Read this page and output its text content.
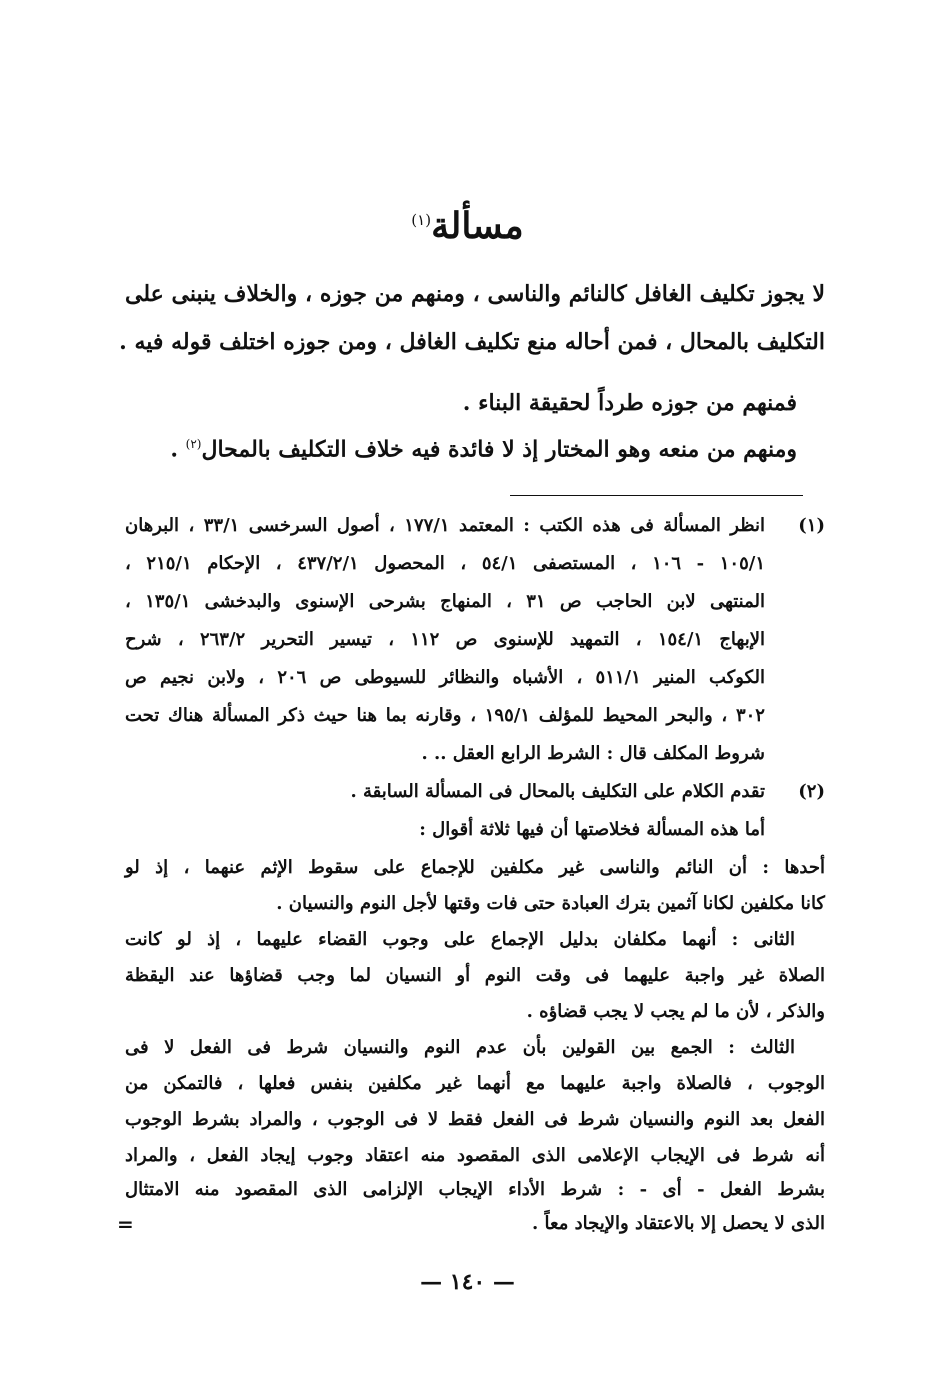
مسألة$^{(١)}$
لا يجوز تكليف الغافل كالنائم والناسى ، ومنهم من جوزه ، والخلاف ينبنى على
التكليف بالمحال ، فمن أحاله منع تكليف الغافل ، ومن جوزه اختلف قوله فيه .
فمنهم من جوزه طرداً لحقيقة البناء .
ومنهم من منعه وهو المختار إذ لا فائدة فيه خلاف التكليف بالمحال$^{(٢)}$ .
(١)
انظر المسألة فى هذه الكتب : المعتمد ١٧٧/١ ، أصول السرخسى ٣٣/١ ، البرهان
١٠٥/١ - ١٠٦ ، المستصفى ٥٤/١ ، المحصول ٤٣٧/٢/١ ، الإحكام ٢١٥/١ ،
المنتهى لابن الحاجب ص ٣١ ، المنهاج بشرحى الإسنوى والبدخشى ١٣٥/١ ،
الإبهاج ١٥٤/١ ، التمهيد للإسنوى ص ١١٢ ، تيسير التحرير ٢٦٣/٢ ، شرح
الكوكب المنير ٥١١/١ ، الأشباه والنظائر للسيوطى ص ٢٠٦ ، ولابن نجيم ص
٣٠٢ ، والبحر المحيط للمؤلف ١٩٥/١ ، وقارنه بما هنا حيث ذكر المسألة هناك تحت
شروط المكلف قال : الشرط الرابع العقل .. .
(٢)
تقدم الكلام على التكليف بالمحال فى المسألة السابقة .
أما هذه المسألة فخلاصتها أن فيها ثلاثة أقوال :
أحدها : أن النائم والناسى غير مكلفين للإجماع على سقوط الإثم عنهما ، إذ لو
كانا مكلفين لكانا آثمين بترك العبادة حتى فات وقتها لأجل النوم والنسيان .
الثانى : أنهما مكلفان بدليل الإجماع على وجوب القضاء عليهما ، إذ لو كانت
الصلاة غير واجبة عليهما فى وقت النوم أو النسيان لما وجب قضاؤها عند اليقظة
والذكر ، لأن ما لم يجب لا يجب قضاؤه .
الثالث : الجمع بين القولين بأن عدم النوم والنسيان شرط فى الفعل لا فى
الوجوب ، فالصلاة واجبة عليهما مع أنهما غير مكلفين بنفس فعلها ، فالتمكن من
الفعل بعد النوم والنسيان شرط فى الفعل فقط لا فى الوجوب ، والمراد بشرط الوجوب
أنه شرط فى الإيجاب الإعلامى الذى المقصود منه اعتقاد وجوب إيجاد الفعل ، والمراد
بشرط الفعل - أى - : شرط الأداء الإيجاب الإلزامى الذى المقصود منه الامتثال
الذى لا يحصل إلا بالاعتقاد والإيجاد معاً .
=
— ١٤٠ —
